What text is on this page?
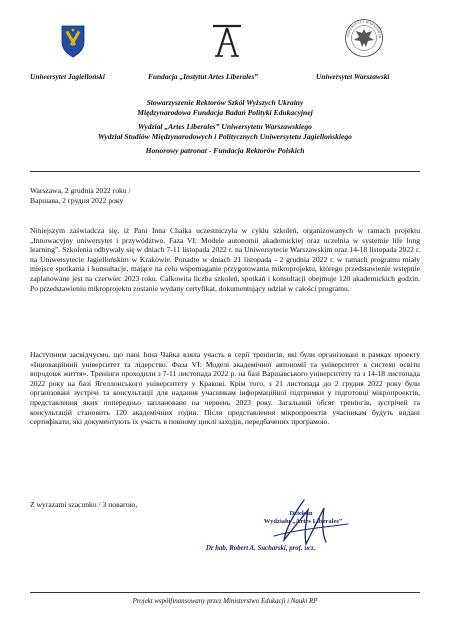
NIWERSYTET WARSZAWSK
Uniwersytet Jagielloński	Fundacja „Instytut Artes Liberales”	Uniwersytet Warszawski
Stowarzyszenie Rektorów Szkół Wyższych Ukrainy
Międzynarodowa Fundacja Badań Polityki Edukacyjnej
Wydział „Artes Liberales” Uniwersytetu Warszawskiego
Wydział Studiów Międzynarodowych i Politycznych Uniwersytetu Jagiellońskiego
Honorowy patronat - Fundacja Rektorów Polskich
Warszawa, 2 grudnia 2022 roku /
Варшава, 2 грудня 2022 року
Niniejszym zaświadcza się, iż Pani Inna Chaika uczestniczyła w cyklu szkoleń, organizowanych w ramach projektu „Innowacyjny uniwersytet i przywództwo. Faza VI: Modele autonomii akademickiej oraz uczelnia w systemie life long learning”. Szkolenia odbywały się w dniach 7-11 listopada 2022 r. na Uniwersytecie Warszawskim oraz 14-18 listopada 2022 r. na Uniwersytecie Jagiellońskim w Krakowie. Ponadto w dniach 21 listopada - 2 grudnia 2022 r. w ramach programu miały miejsce spotkania i konsultacje, mające na celu wspomaganie przygotowania mikroprojektu, którego przedstawienie wstępnie zaplanowane jest na czerwiec 2023 roku. Całkowita liczba szkoleń, spotkań i konsultacji obejmuje 120 akademickich godzin. Po przedstawieniu mikroprojektu zostanie wydany certyfikat, dokumentujący udział w całości programu.
Наступним засвідчуємо, що пані Інна Чайка взяла участь в серії тренінгів, які були організовані в рамках проекту «Інноваційний університет та лідерство. Фаза VI: Моделі академічної автономії та університет в системі освіти впродовж життя». Тренінги проходили з 7-11 листопада 2022 р. на базі Варшавського університету та з 14-18 листопада 2022 року на базі Ягеллонського університету у Кракові. Крім того, з 21 листопада до 2 грудня 2022 року були організовані зустрічі та консультації для надання учасникам інформаційної підтримки у підготовці мікропроектів, представлення яких попередньо заплановане на червень 2023 року. Загальний обсяг тренінгів, зустрічей та консультацій становить 120 академічних годин. Після представлення мікропроектів учасникам будуть видані сертифікати, які документують їх участь в повному циклі заходів, передбачених програмою.
Z wyrazami szacunku / З повагою,
Dziekan
Wydziału „Artes Liberales”
Dr hab. Robert A. Sucharski, prof. ucz.
Projekt współfinansowany przez Ministerstwo Edukacji i Nauki RP
